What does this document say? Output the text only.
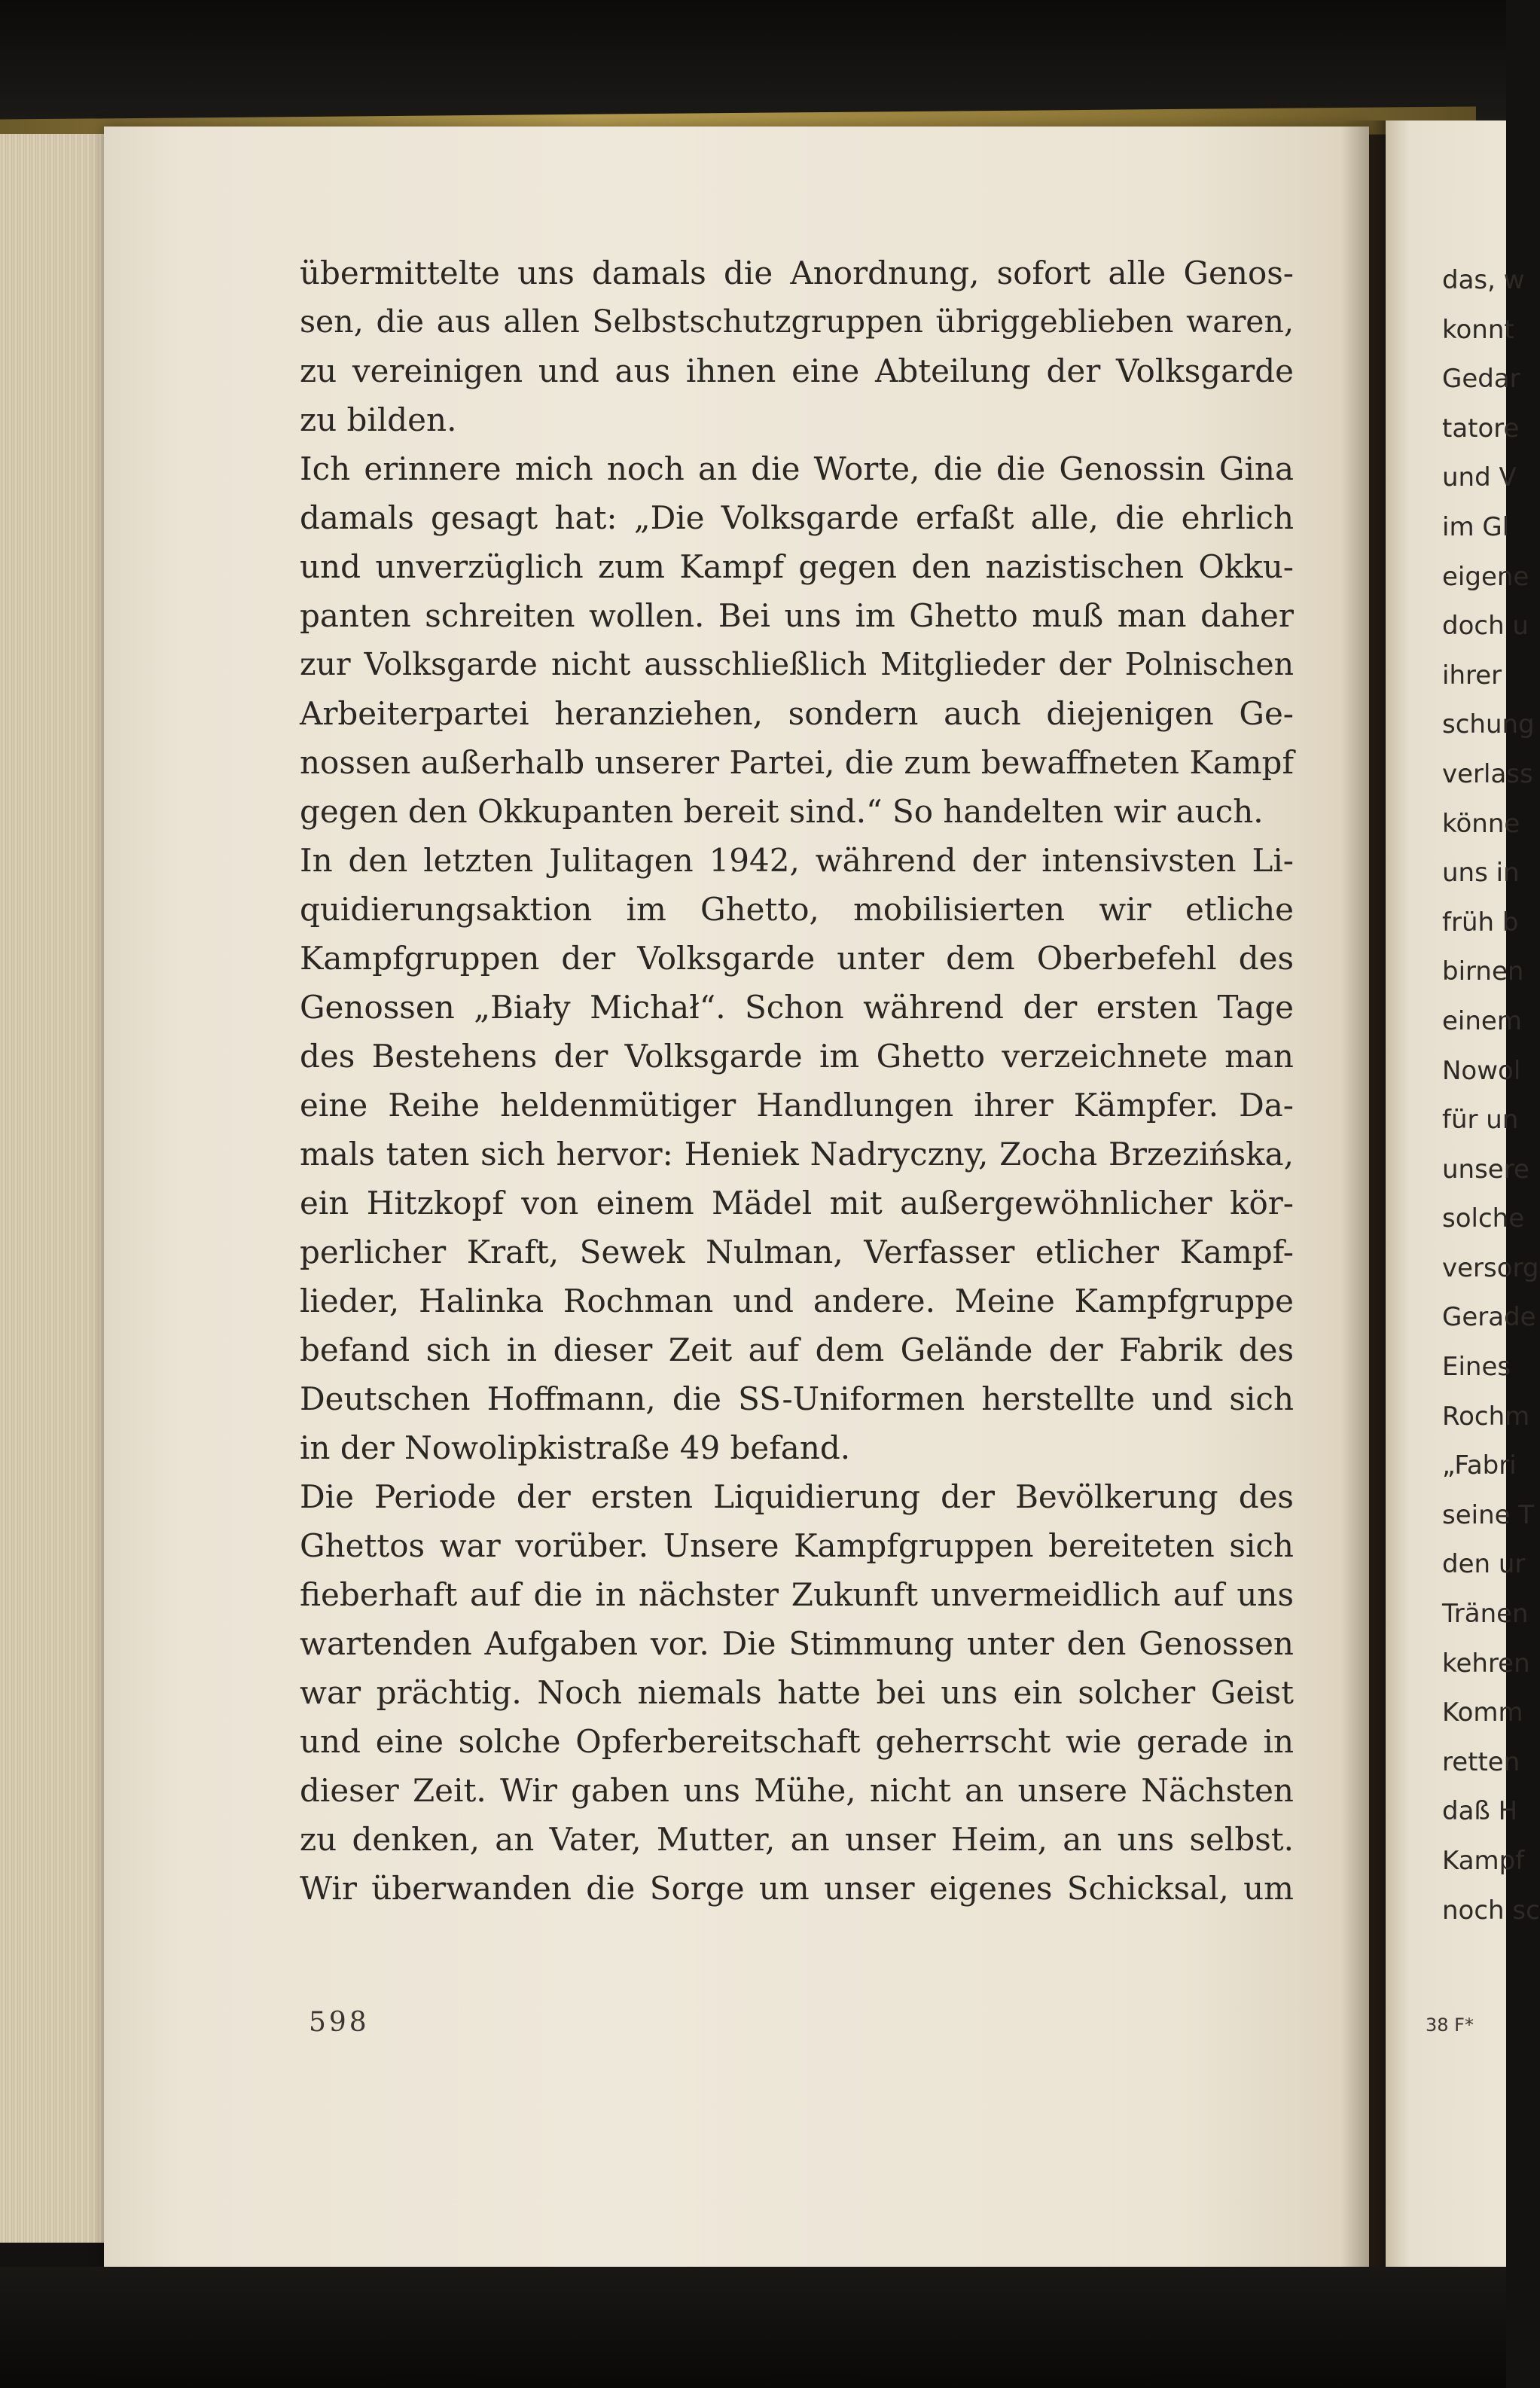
übermittelte uns damals die Anordnung, sofort alle Genos-
sen, die aus allen Selbstschutzgruppen übriggeblieben waren,
zu vereinigen und aus ihnen eine Abteilung der Volksgarde
zu bilden.
Ich erinnere mich noch an die Worte, die die Genossin Gina
damals gesagt hat: „Die Volksgarde erfaßt alle, die ehrlich
und unverzüglich zum Kampf gegen den nazistischen Okku-
panten schreiten wollen. Bei uns im Ghetto muß man daher
zur Volksgarde nicht ausschließlich Mitglieder der Polnischen
Arbeiterpartei heranziehen, sondern auch diejenigen Ge-
nossen außerhalb unserer Partei, die zum bewaffneten Kampf
gegen den Okkupanten bereit sind.“ So handelten wir auch.
In den letzten Julitagen 1942, während der intensivsten Li-
quidierungsaktion im Ghetto, mobilisierten wir etliche
Kampfgruppen der Volksgarde unter dem Oberbefehl des
Genossen „Biały Michał“. Schon während der ersten Tage
des Bestehens der Volksgarde im Ghetto verzeichnete man
eine Reihe heldenmütiger Handlungen ihrer Kämpfer. Da-
mals taten sich hervor: Heniek Nadryczny, Zocha Brzezińska,
ein Hitzkopf von einem Mädel mit außergewöhnlicher kör-
perlicher Kraft, Sewek Nulman, Verfasser etlicher Kampf-
lieder, Halinka Rochman und andere. Meine Kampfgruppe
befand sich in dieser Zeit auf dem Gelände der Fabrik des
Deutschen Hoffmann, die SS-Uniformen herstellte und sich
in der Nowolipkistraße 49 befand.
Die Periode der ersten Liquidierung der Bevölkerung des
Ghettos war vorüber. Unsere Kampfgruppen bereiteten sich
fieberhaft auf die in nächster Zukunft unvermeidlich auf uns
wartenden Aufgaben vor. Die Stimmung unter den Genossen
war prächtig. Noch niemals hatte bei uns ein solcher Geist
und eine solche Opferbereitschaft geherrscht wie gerade in
dieser Zeit. Wir gaben uns Mühe, nicht an unsere Nächsten
zu denken, an Vater, Mutter, an unser Heim, an uns selbst.
Wir überwanden die Sorge um unser eigenes Schicksal, um
598
das, w
konnt
Gedar
tatore
und V
im Gl
eigene
doch u
ihrer
schung
verlass
könne
uns in
früh b
birnen
einem
Nowol
für un
unsere
solche
versorg
Gerade
Eines
Rochm
„Fabri
seine T
den ur
Tränen
kehren
Komm
retten
daß H
Kampf
noch sc
38 F*
